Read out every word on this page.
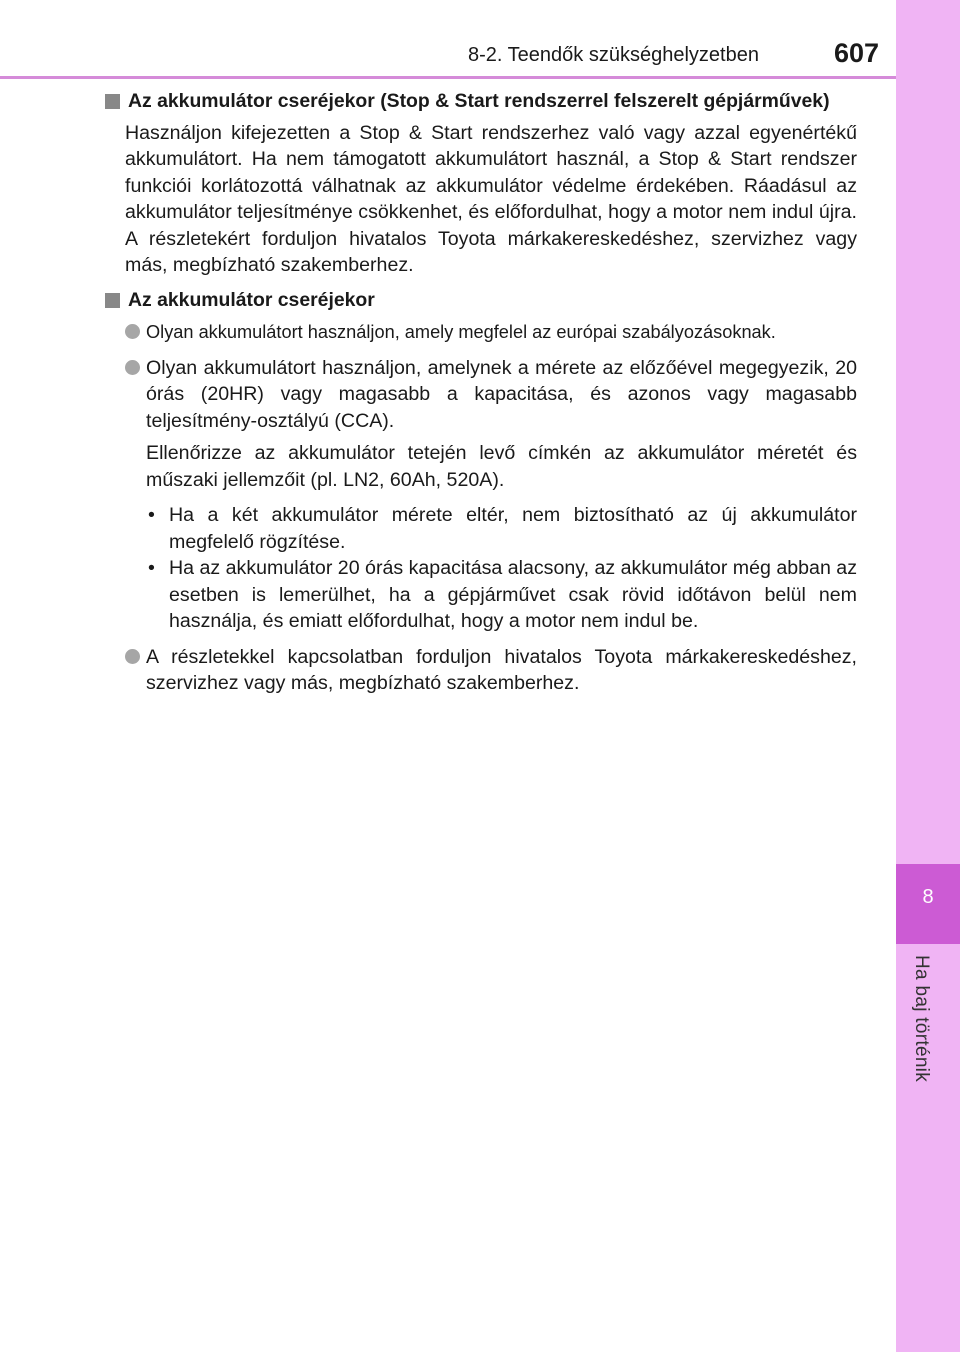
8
Ha baj történik
8-2. Teendők szükséghelyzetben	607
Az akkumulátor cseréjekor (Stop & Start rendszerrel felszerelt gépjárművek)
Használjon kifejezetten a Stop & Start rendszerhez való vagy azzal egyenértékű akkumulátort. Ha nem támogatott akkumulátort használ, a Stop & Start rendszer funkciói korlátozottá válhatnak az akkumulátor védelme érdekében. Ráadásul az akkumulátor teljesítménye csökkenhet, és előfordulhat, hogy a motor nem indul újra. A részletekért forduljon hivatalos Toyota márkakereskedéshez, szervizhez vagy más, megbízható szakemberhez.
Az akkumulátor cseréjekor
Olyan akkumulátort használjon, amely megfelel az európai szabályozásoknak.
Olyan akkumulátort használjon, amelynek a mérete az előzőével megegyezik, 20 órás (20HR) vagy magasabb a kapacitása, és azonos vagy magasabb teljesítmény-osztályú (CCA).
Ellenőrizze az akkumulátor tetején levő címkén az akkumulátor méretét és műszaki jellemzőit (pl. LN2, 60Ah, 520A).
• Ha a két akkumulátor mérete eltér, nem biztosítható az új akkumulátor megfelelő rögzítése.
• Ha az akkumulátor 20 órás kapacitása alacsony, az akkumulátor még abban az esetben is lemerülhet, ha a gépjárművet csak rövid időtávon belül nem használja, és emiatt előfordulhat, hogy a motor nem indul be.
A részletekkel kapcsolatban forduljon hivatalos Toyota márkakereskedéshez, szervizhez vagy más, megbízható szakemberhez.
